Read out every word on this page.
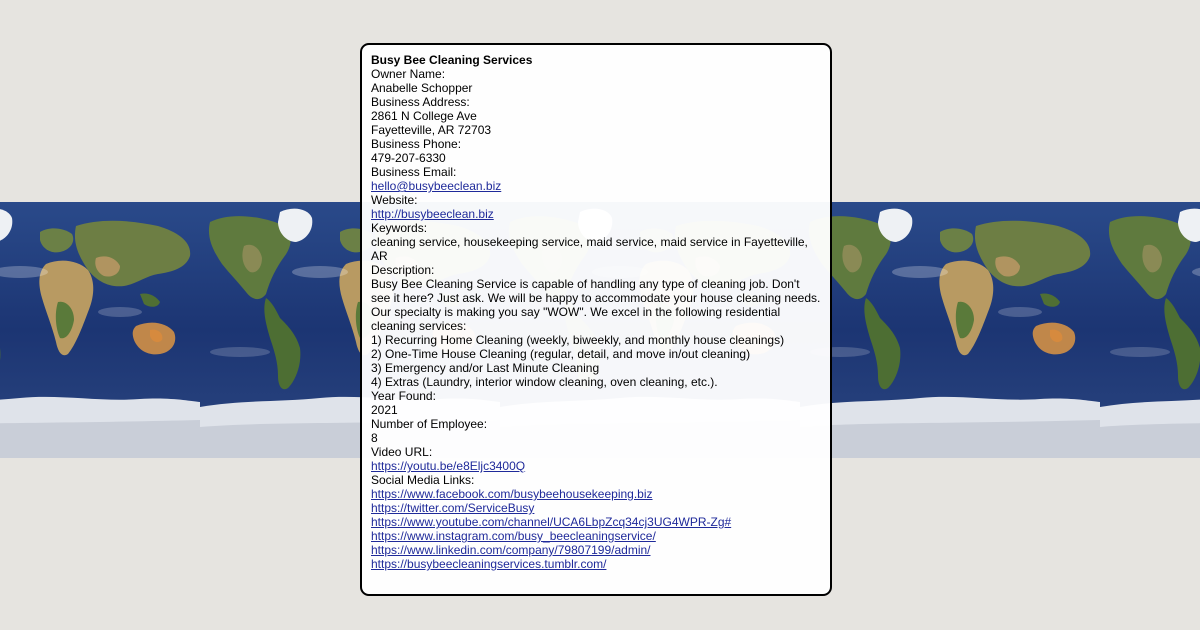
Busy Bee Cleaning Services
Owner Name:
Anabelle Schopper
Business Address:
2861 N College Ave
Fayetteville, AR 72703
Business Phone:
479-207-6330
Business Email:
hello@busybeeclean.biz
Website:
http://busybeeclean.biz
Keywords:
cleaning service, housekeeping service, maid service, maid service in Fayetteville, AR
Description:
Busy Bee Cleaning Service is capable of handling any type of cleaning job. Don't see it here? Just ask. We will be happy to accommodate your house cleaning needs.
Our specialty is making you say "WOW". We excel in the following residential cleaning services:
1) Recurring Home Cleaning (weekly, biweekly, and monthly house cleanings)
2) One-Time House Cleaning (regular, detail, and move in/out cleaning)
3) Emergency and/or Last Minute Cleaning
4) Extras (Laundry, interior window cleaning, oven cleaning, etc.).
Year Found:
2021
Number of Employee:
8
Video URL:
https://youtu.be/e8Eljc3400Q
Social Media Links:
https://www.facebook.com/busybeehousekeeping.biz
https://twitter.com/ServiceBusy
https://www.youtube.com/channel/UCA6LbpZcq34cj3UG4WPR-Zg#
https://www.instagram.com/busy_beecleaningservice/
https://www.linkedin.com/company/79807199/admin/
https://busybeecleaningservices.tumblr.com/
